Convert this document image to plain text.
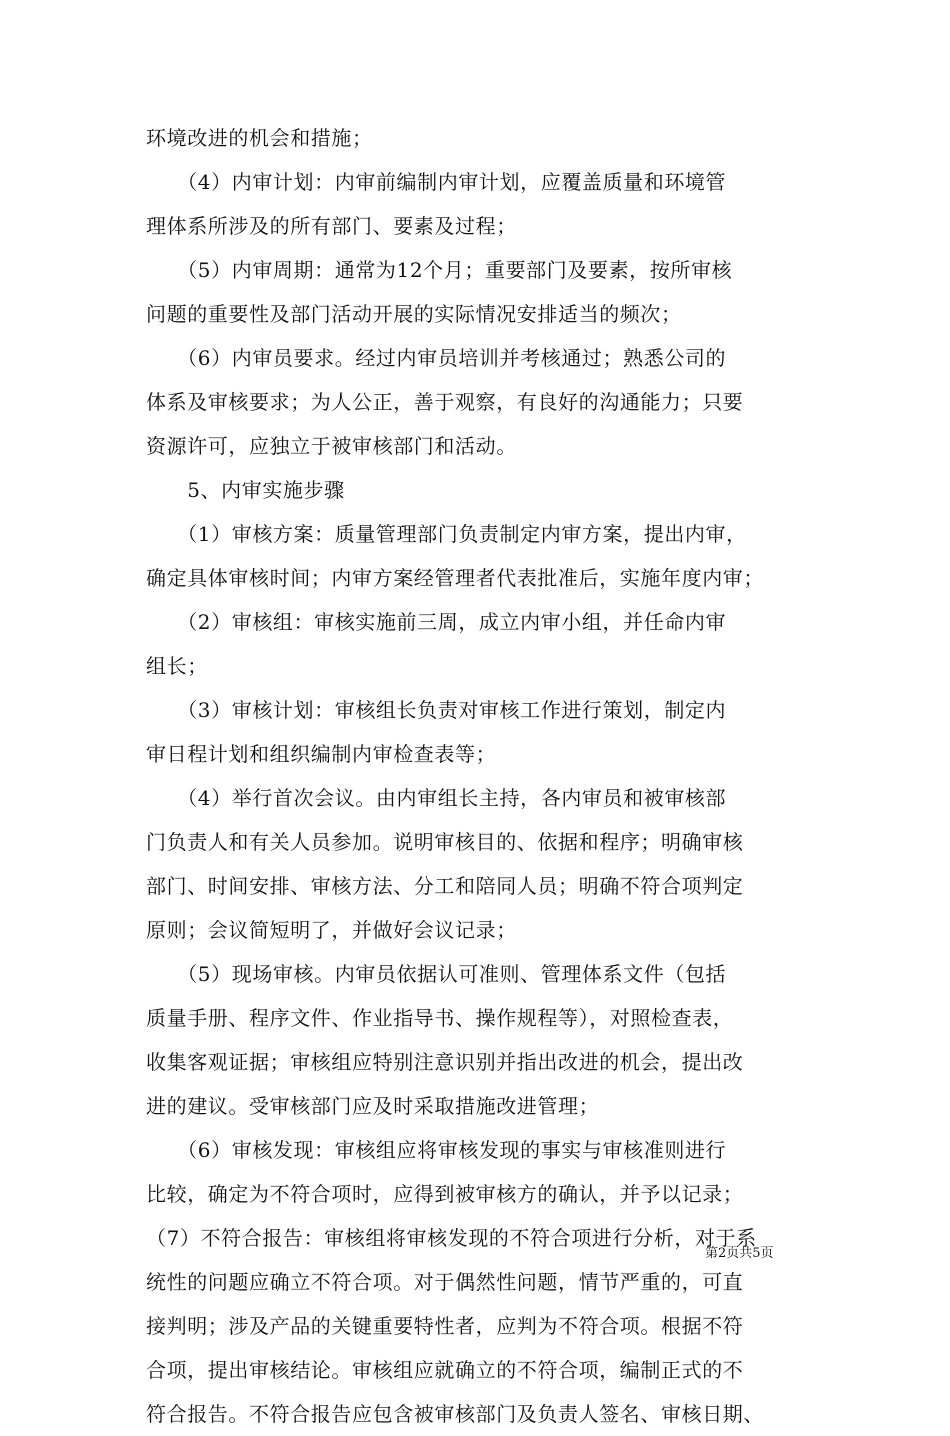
环境改进的机会和措施；
　　（4）内审计划：内审前编制内审计划，应覆盖质量和环境管
理体系所涉及的所有部门、要素及过程；
　　（5）内审周期：通常为12个月；重要部门及要素，按所审核
问题的重要性及部门活动开展的实际情况安排适当的频次；
　　（6）内审员要求。经过内审员培训并考核通过；熟悉公司的
体系及审核要求；为人公正，善于观察，有良好的沟通能力；只要
资源许可，应独立于被审核部门和活动。
　　5、内审实施步骤
　　（1）审核方案：质量管理部门负责制定内审方案，提出内审，
确定具体审核时间；内审方案经管理者代表批准后，实施年度内审；
　　（2）审核组：审核实施前三周，成立内审小组，并任命内审
组长；
　　（3）审核计划：审核组长负责对审核工作进行策划，制定内
审日程计划和组织编制内审检查表等；
　　（4）举行首次会议。由内审组长主持，各内审员和被审核部
门负责人和有关人员参加。说明审核目的、依据和程序；明确审核
部门、时间安排、审核方法、分工和陪同人员；明确不符合项判定
原则；会议简短明了，并做好会议记录；
　　（5）现场审核。内审员依据认可准则、管理体系文件（包括
质量手册、程序文件、作业指导书、操作规程等），对照检查表，
收集客观证据；审核组应特别注意识别并指出改进的机会，提出改
进的建议。受审核部门应及时采取措施改进管理；
　　（6）审核发现：审核组应将审核发现的事实与审核准则进行
比较，确定为不符合项时，应得到被审核方的确认，并予以记录；
（7）不符合报告：审核组将审核发现的不符合项进行分析，对于系
统性的问题应确立不符合项。对于偶然性问题，情节严重的，可直
接判明；涉及产品的关键重要特性者，应判为不符合项。根据不符
合项，提出审核结论。审核组应就确立的不符合项，编制正式的不
符合报告。不符合报告应包含被审核部门及负责人签名、审核日期、
第2页共5页
